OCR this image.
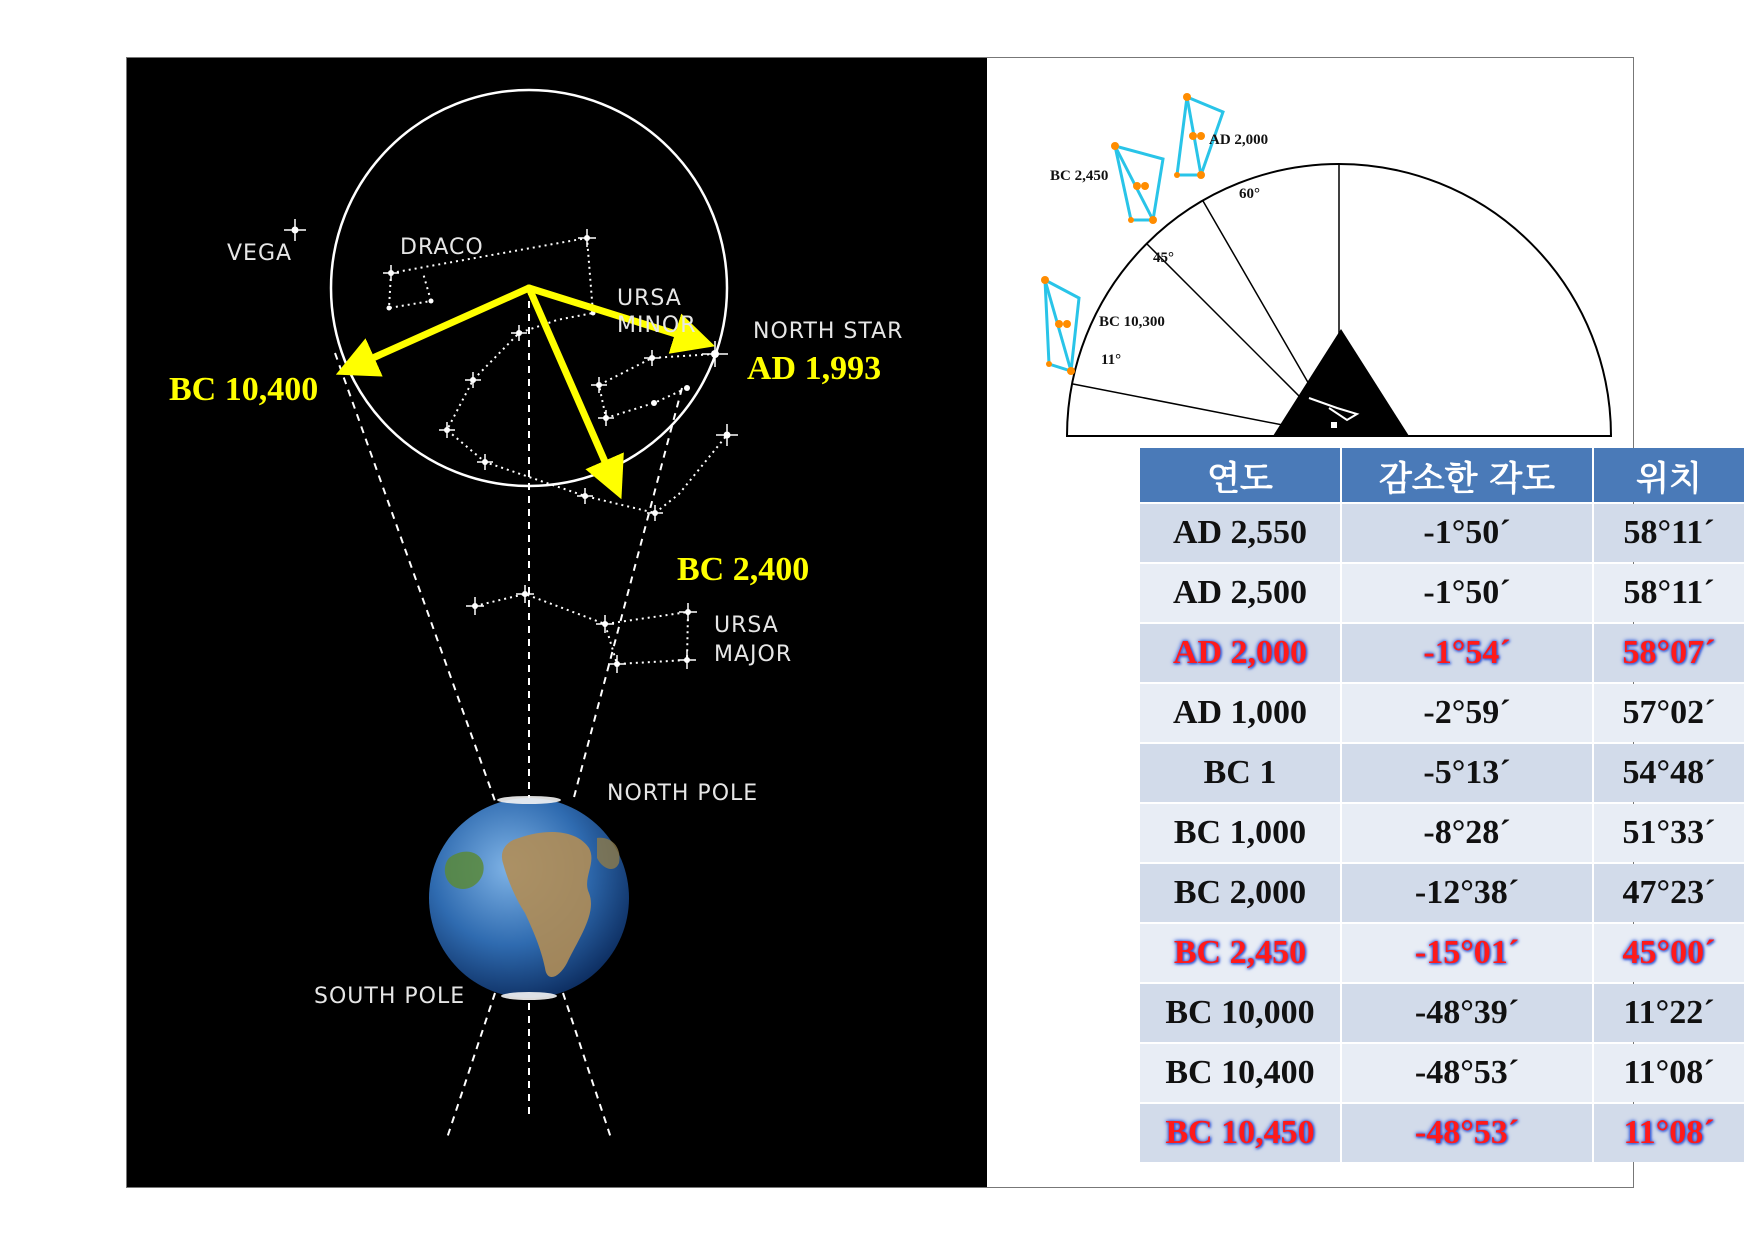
VEGA	DRACO
URSA
MINOR	NORTH STAR
URSA
MAJOR
NORTH POLE
SOUTH POLE
BC 10,400
AD 1,993
BC 2,400
AD 2,000
BC 2,450
60°
45°
BC 10,300
11°
연도	감소한 각도	위치
AD 2,550	-1°50´	58°11´
AD 2,500	-1°50´	58°11´
AD 2,000	-1°54´	58°07´
AD 1,000	-2°59´	57°02´
BC 1	-5°13´	54°48´
BC 1,000	-8°28´	51°33´
BC 2,000	-12°38´	47°23´
BC 2,450	-15°01´	45°00´
BC 10,000	-48°39´	11°22´
BC 10,400	-48°53´	11°08´
BC 10,450	-48°53´	11°08´
